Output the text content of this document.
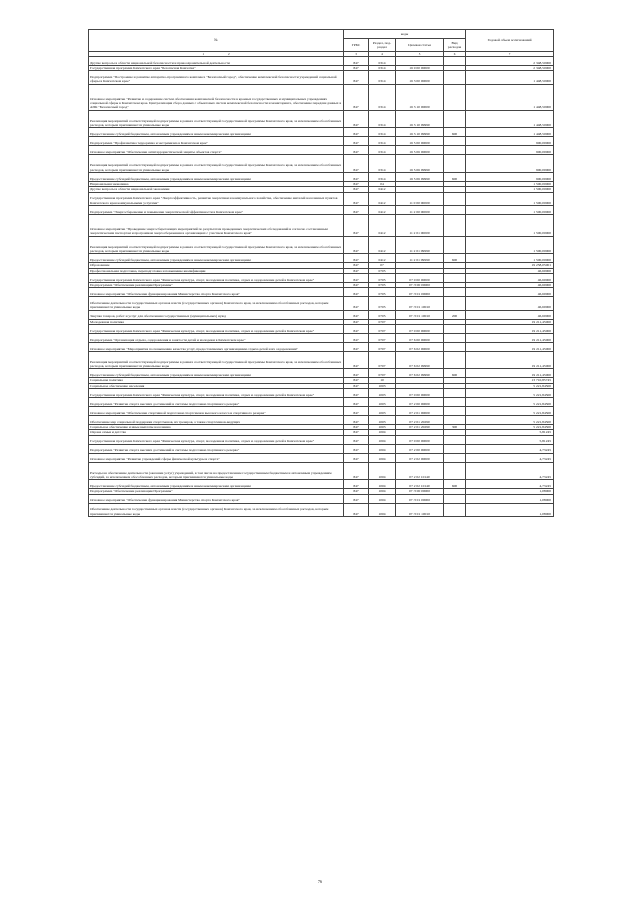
№	коды				Годовой объем ассигнований
	ГРБС	Раздел, под-раздел	Целевая статья	Вид расходов	
1 2	3	4	5	6	7
Другие вопросы в области национальной безопасности и правоохранительной деятельности	847	0314			2 348,50000
Государственная программа Камчатского края "Безопасная Камчатка"	847	0314	16 0 00 00000		2 348,50000
Подпрограмма "Построение и развитие аппаратно-программного комплекса "Безопасный город", обеспечение комплексной безопасности учреждений социальной сферы в Камчатском крае"	847	0314	16 3 00 00000		1 448,50000
Основное мероприятие "Развитие и содержание систем обеспечения комплексной безопасности в краевых государственных и муниципальных учреждениях социальной сферы в Камчатском крае. Централизация сбора данных с объектовых систем комплексной безопасности и мониторинга, обеспечение передачи данных в АПК "Безопасный город"	847	0314	16 3 10 00000		1 448,50000
Реализация мероприятий соответствующей подпрограммы в рамках соответствующей государственной программы Камчатского края, за исключением обособленных расходов, которым присваиваются уникальные коды	847	0314	16 3 10 09990		1 448,50000
Предоставление субсидий бюджетным, автономным учреждениям и иным некоммерческим организациям	847	0314	16 3 10 09990	600	1 448,50000
Подпрограмма "Профилактика терроризма и экстремизма в Камчатском крае"	847	0314	16 5 00 00000		900,00000
Основное мероприятие "Обеспечение антитеррористической защиты объектов спорта"	847	0314	16 5 06 00000		900,00000
Реализация мероприятий соответствующей подпрограммы в рамках соответствующей государственной программы Камчатского края, за исключением обособленных расходов, которым присваиваются уникальные коды	847	0314	16 5 06 09990		900,00000
Предоставление субсидий бюджетным, автономным учреждениям и иным некоммерческим организациям	847	0314	16 5 06 09990	600	900,00000
Национальная экономика	847	04			1 500,00000
Другие вопросы в области национальной экономики	847	0412			1 500,00000
Государственная программа Камчатского края "Энергоэффективность, развитие энергетики и коммунального хозяйства, обеспечение жителей населенных пунктов Камчатского края коммунальными услугами"	847	0412	11 0 00 00000		1 500,00000
Подпрограмма "Энергосбережение и повышение энергетической эффективности в Камчатском крае"	847	0412	11 2 00 00000		1 500,00000
Основное мероприятие "Проведение энергосберегающих мероприятий по результатам проведенных энергетических обследований и согласно составленным энергетическим паспортам и программам энергосбережения в организациях с участием Камчатского края"	847	0412	11 2 01 00000		1 500,00000
Реализация мероприятий соответствующей подпрограммы в рамках соответствующей государственной программы Камчатского края, за исключением обособленных расходов, которым присваиваются уникальные коды	847	0412	11 2 01 09990		1 500,00000
Предоставление субсидий бюджетным, автономным учреждениям и иным некоммерческим организациям	847	0412	11 2 01 09990	600	1 500,00000
Образование	847	07			19 258,05001
Профессиональная подготовка, переподготовка и повышение квалификации	847	0705			46,60000
Государственная программа Камчатского края "Физическая культура, спорт, молодежная политика, отдых и оздоровление детей в Камчатском крае"	847	0705	07 0 00 00000		46,60000
Подпрограмма "Обеспечение реализации Программы"	847	0705	07 Э 00 00000		46,60000
Основное мероприятие "Обеспечение функционирования Министерства спорта Камчатского края"	847	0705	07 Э 01 00000		46,60000
Обеспечение деятельности государственных органов власти (государственных органов) Камчатского края, за исключением обособленных расходов, которым присваиваются уникальные коды	847	0705	07 Э 01 10010		46,60000
Закупка товаров, работ и услуг для обеспечения государственных (муниципальных) нужд	847	0705	07 Э 01 10010	200	46,60000
Молодежная политика	847	0707			19 211,45000
Государственная программа Камчатского края "Физическая культура, спорт, молодежная политика, отдых и оздоровление детей в Камчатском крае"	847	0707	07 0 00 00000		19 211,45000
Подпрограмма "Организация отдыха, оздоровления и занятости детей и молодежи в Камчатском крае"	847	0707	07 6 00 00000		19 211,45000
Основное мероприятие "Мероприятия по повышению качества услуг, предоставляемых организациями отдыха детей и их оздоровления"	847	0707	07 6 02 00000		19 211,45000
Реализация мероприятий соответствующей подпрограммы в рамках соответствующей государственной программы Камчатского края, за исключением обособленных расходов, которым присваиваются уникальные коды	847	0707	07 6 02 09990		19 211,45000
Предоставление субсидий бюджетным, автономным учреждениям и иным некоммерческим организациям	847	0707	07 6 02 09990	600	19 211,45000
Социальная политика	847	10			13 710,85745
Социальное обеспечение населения	847	1003			5 221,84500
Государственная программа Камчатского края "Физическая культура, спорт, молодежная политика, отдых и оздоровление детей в Камчатском крае"	847	1003	07 0 00 00000		5 221,84500
Подпрограмма "Развитие спорта высших достижений и системы подготовки спортивного резерва"	847	1003	07 2 00 00000		5 221,84500
Основное мероприятие "Обеспечение спортивной подготовки спортсменов высокого класса и спортивного резерва"	847	1003	07 2 01 00000		5 221,84500
Обеспечение мер социальной поддержки спортсменов, их тренеров, а также спортсменов-ведущих	847	1003	07 2 01 20290		5 221,84500
Социальное обеспечение и иные выплаты населению	847	1003	07 2 01 20290	300	5 221,84500
Охрана семьи и детства	847	1004			5,81245
Государственная программа Камчатского края "Физическая культура, спорт, молодежная политика, отдых и оздоровление детей в Камчатском крае"	847	1004	07 0 00 00000		5,81245
Подпрограмма "Развитие спорта высших достижений и системы подготовки спортивного резерва"	847	1004	07 2 00 00000		4,73245
Основное мероприятие "Развитие учреждений сферы физической культуры и спорта"	847	1004	07 2 02 00000		4,73245
Расходы на обеспечение деятельности (оказание услуг) учреждений, в том числе на предоставление государственным бюджетным и автономным учреждениям субсидий, за исключением обособленных расходов, которым присваиваются уникальные коды	847	1004	07 2 02 10140		4,73245
Предоставление субсидий бюджетным, автономным учреждениям и иным некоммерческим организациям	847	1004	07 2 02 10140	600	4,73245
Подпрограмма "Обеспечение реализации Программы"	847	1004	07 Э 00 00000		1,08000
Основное мероприятие "Обеспечение функционирования Министерства спорта Камчатского края"	847	1004	07 Э 01 00000		1,08000
Обеспечение деятельности государственных органов власти (государственных органов) Камчатского края, за исключением обособленных расходов, которым присваиваются уникальные коды	847	1004	07 Э 01 10010		1,08000
76
